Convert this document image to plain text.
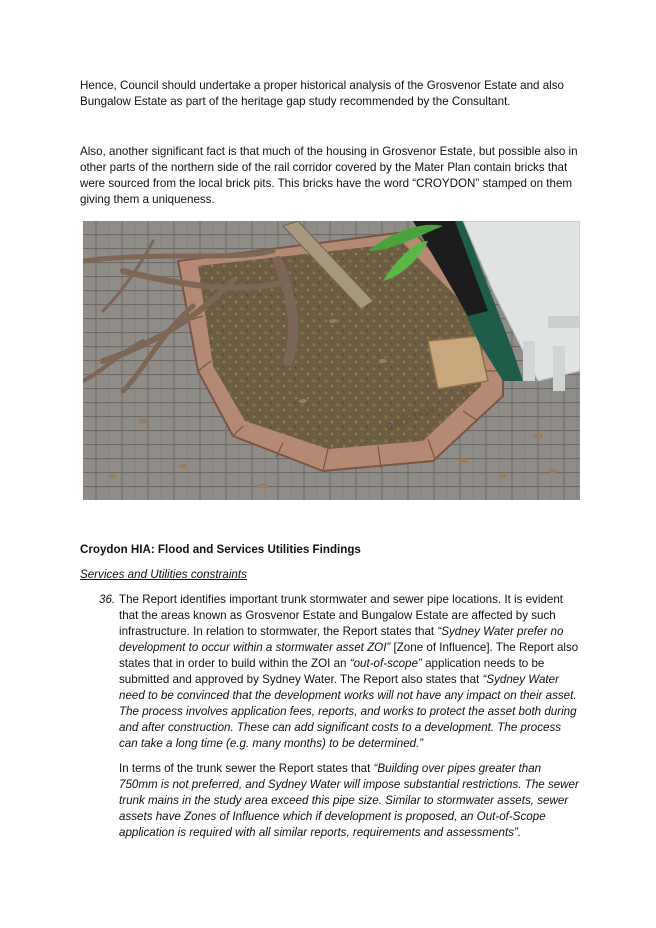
Hence, Council should undertake a proper historical analysis of the Grosvenor Estate and also Bungalow Estate as part of the heritage gap study recommended by the Consultant.

Also, another significant fact is that much of the housing in Grosvenor Estate, but possible also in other parts of the northern side of the rail corridor covered by the Mater Plan contain bricks that were sourced from the local brick pits. This bricks have the word “CROYDON” stamped on them giving them a uniqueness.

CROYDON

Croydon HIA: Flood and Services Utilities Findings

Services and Utilities constraints

36. The Report identifies important trunk stormwater and sewer pipe locations. It is evident that the areas known as Grosvenor Estate and Bungalow Estate are affected by such infrastructure. In relation to stormwater, the Report states that “Sydney Water prefer no development to occur within a stormwater asset ZOI” [Zone of Influence]. The Report also states that in order to build within the ZOI an “out-of-scope” application needs to be submitted and approved by Sydney Water. The Report also states that “Sydney Water need to be convinced that the development works will not have any impact on their asset. The process involves application fees, reports, and works to protect the asset both during and after construction. These can add significant costs to a development. The process can take a long time (e.g. many months) to be determined.”

In terms of the trunk sewer the Report states that “Building over pipes greater than 750mm is not preferred, and Sydney Water will impose substantial restrictions. The sewer trunk mains in the study area exceed this pipe size. Similar to stormwater assets, sewer assets have Zones of Influence which if development is proposed, an Out-of-Scope application is required with all similar reports, requirements and assessments”.
